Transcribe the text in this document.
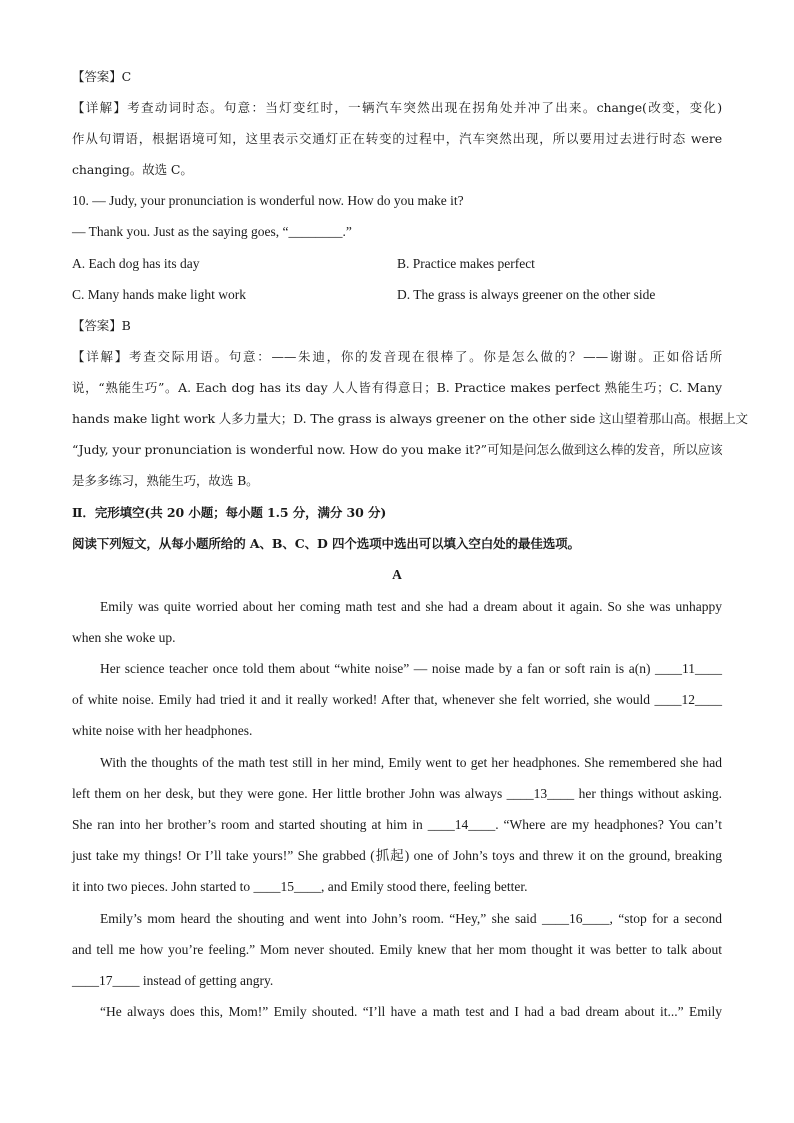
【答案】C
【详解】考查动词时态。句意：当灯变红时，一辆汽车突然出现在拐角处并冲了出来。change(改变，变化)
作从句谓语，根据语境可知，这里表示交通灯正在转变的过程中，汽车突然出现，所以要用过去进行时态 were
changing。故选 C。
10. — Judy, your pronunciation is wonderful now. How do you make it?
— Thank you. Just as the saying goes, “________.”
A. Each dog has its day	B. Practice makes perfect
C. Many hands make light work	D. The grass is always greener on the other side
【答案】B
【详解】考查交际用语。句意：——朱迪，你的发音现在很棒了。你是怎么做的？——谢谢。正如俗话所
说，“熟能生巧”。A. Each dog has its day 人人皆有得意日；B. Practice makes perfect 熟能生巧；C. Many
hands make light work 人多力量大；D. The grass is always greener on the other side 这山望着那山高。根据上文
“Judy, your pronunciation is wonderful now. How do you make it?”可知是问怎么做到这么棒的发音，所以应该
是多多练习，熟能生巧，故选 B。
Ⅱ．完形填空(共 20 小题；每小题 1.5 分，满分 30 分)
阅读下列短文，从每小题所给的 A、B、C、D 四个选项中选出可以填入空白处的最佳选项。
A
Emily was quite worried about her coming math test and she had a dream about it again. So she was unhappy
when she woke up.
Her science teacher once told them about “white noise” — noise made by a fan or soft rain is a(n) ____11____
of white noise. Emily had tried it and it really worked! After that, whenever she felt worried, she would ____12____
white noise with her headphones.
With the thoughts of the math test still in her mind, Emily went to get her headphones. She remembered she had
left them on her desk, but they were gone. Her little brother John was always ____13____ her things without asking.
She ran into her brother’s room and started shouting at him in ____14____. “Where are my headphones? You can’t
just take my things! Or I’ll take yours!” She grabbed (抓起) one of John’s toys and threw it on the ground, breaking
it into two pieces. John started to ____15____, and Emily stood there, feeling better.
Emily’s mom heard the shouting and went into John’s room. “Hey,” she said ____16____, “stop for a second
and tell me how you’re feeling.” Mom never shouted. Emily knew that her mom thought it was better to talk about
____17____ instead of getting angry.
“He always does this, Mom!” Emily shouted. “I’ll have a math test and I had a bad dream about it...” Emily
